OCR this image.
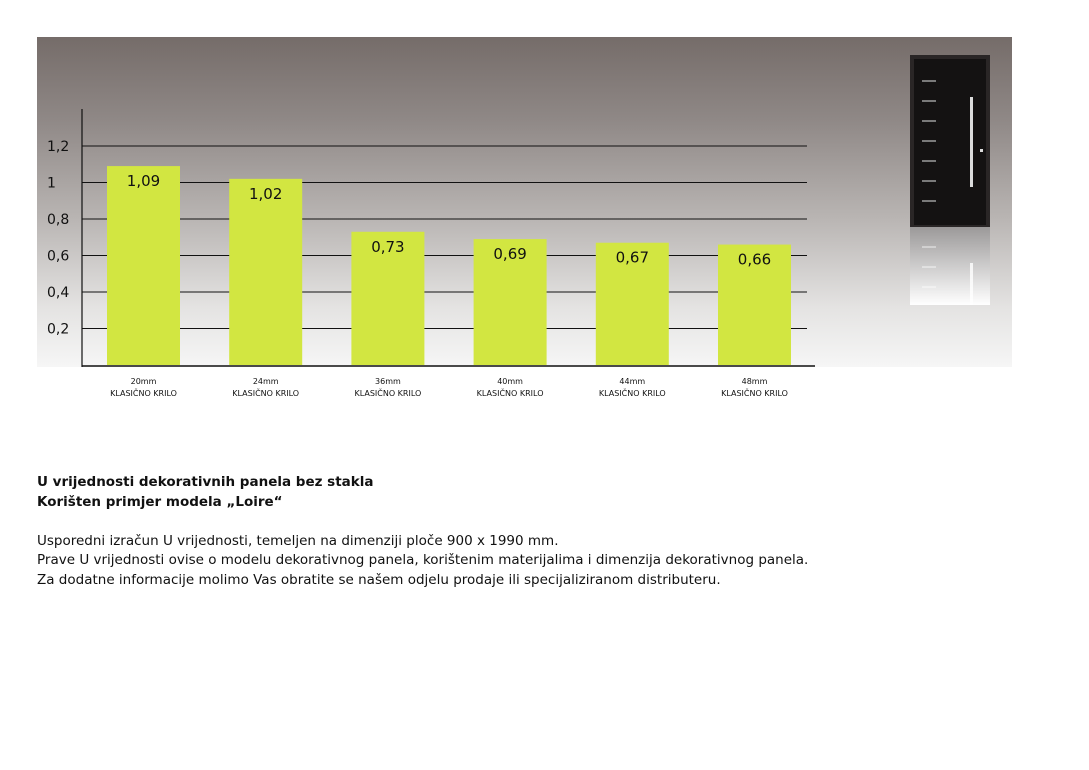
0,2
0,4
0,6
0,8
1
1,2
1,09
20mm
KLASIČNO KRILO
1,02
24mm
KLASIČNO KRILO
0,73
36mm
KLASIČNO KRILO
0,69
40mm
KLASIČNO KRILO
0,67
44mm
KLASIČNO KRILO
0,66
48mm
KLASIČNO KRILO
U vrijednosti dekorativnih panela bez stakla
Korišten primjer modela „Loire“
Usporedni izračun U vrijednosti, temeljen na dimenziji ploče 900 x 1990 mm.
Prave U vrijednosti ovise o modelu dekorativnog panela, korištenim materijalima i dimenzija dekorativnog panela.
Za dodatne informacije molimo Vas obratite se našem odjelu prodaje ili specijaliziranom distributeru.
